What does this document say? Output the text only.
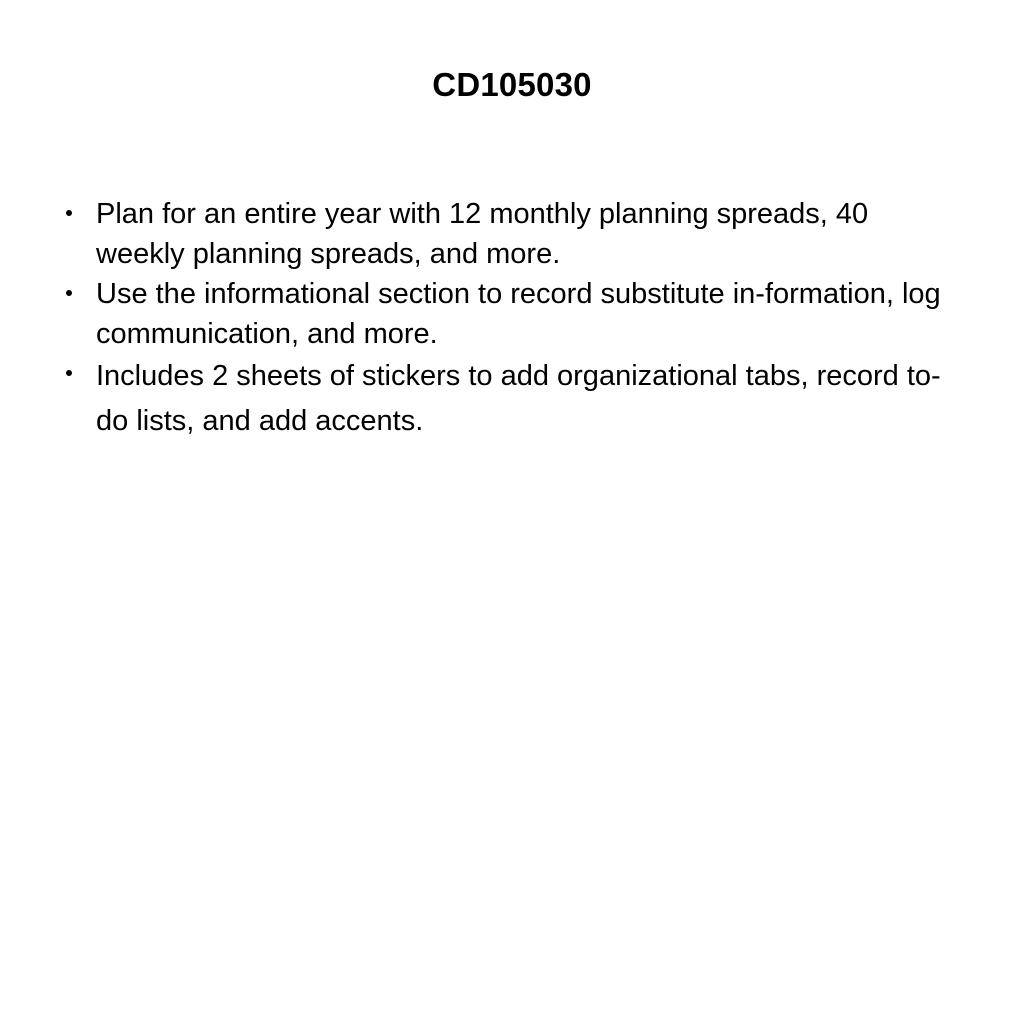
CD105030
Plan for an entire year with 12 monthly planning spreads, 40 weekly planning spreads, and more.
Use the informational section to record substitute in-formation, log communication, and more.
Includes 2 sheets of stickers to add organizational tabs, record to-do lists, and add accents.
